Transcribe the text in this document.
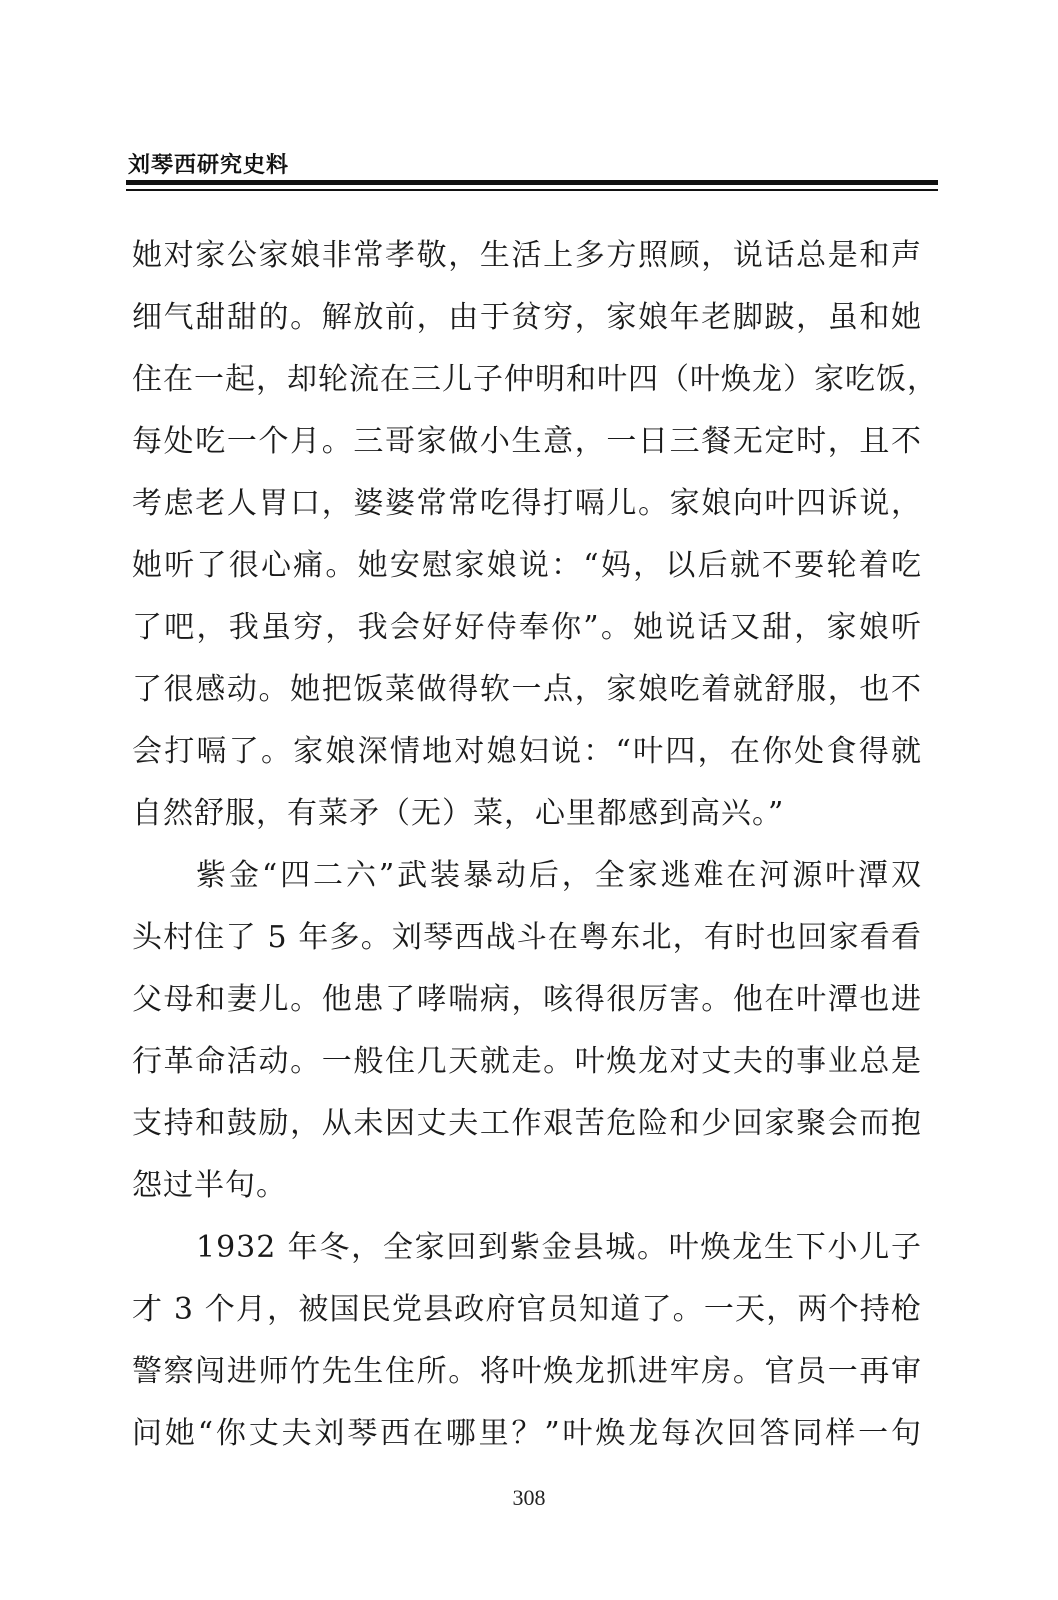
刘琴西研究史料
她对家公家娘非常孝敬，生活上多方照顾，说话总是和声
细气甜甜的。解放前，由于贫穷，家娘年老脚跛，虽和她
住在一起，却轮流在三儿子仲明和叶四（叶焕龙）家吃饭，
每处吃一个月。三哥家做小生意，一日三餐无定时，且不
考虑老人胃口，婆婆常常吃得打嗝儿。家娘向叶四诉说，
她听了很心痛。她安慰家娘说：“妈，以后就不要轮着吃
了吧，我虽穷，我会好好侍奉你”。她说话又甜，家娘听
了很感动。她把饭菜做得软一点，家娘吃着就舒服，也不
会打嗝了。家娘深情地对媳妇说：“叶四，在你处食得就
自然舒服，有菜矛（无）菜，心里都感到高兴。”
紫金“四二六”武装暴动后，全家逃难在河源叶潭双
头村住了 5 年多。刘琴西战斗在粤东北，有时也回家看看
父母和妻儿。他患了哮喘病，咳得很厉害。他在叶潭也进
行革命活动。一般住几天就走。叶焕龙对丈夫的事业总是
支持和鼓励，从未因丈夫工作艰苦危险和少回家聚会而抱
怨过半句。
1932 年冬，全家回到紫金县城。叶焕龙生下小儿子
才 3 个月，被国民党县政府官员知道了。一天，两个持枪
警察闯进师竹先生住所。将叶焕龙抓进牢房。官员一再审
问她“你丈夫刘琴西在哪里？”叶焕龙每次回答同样一句
308
